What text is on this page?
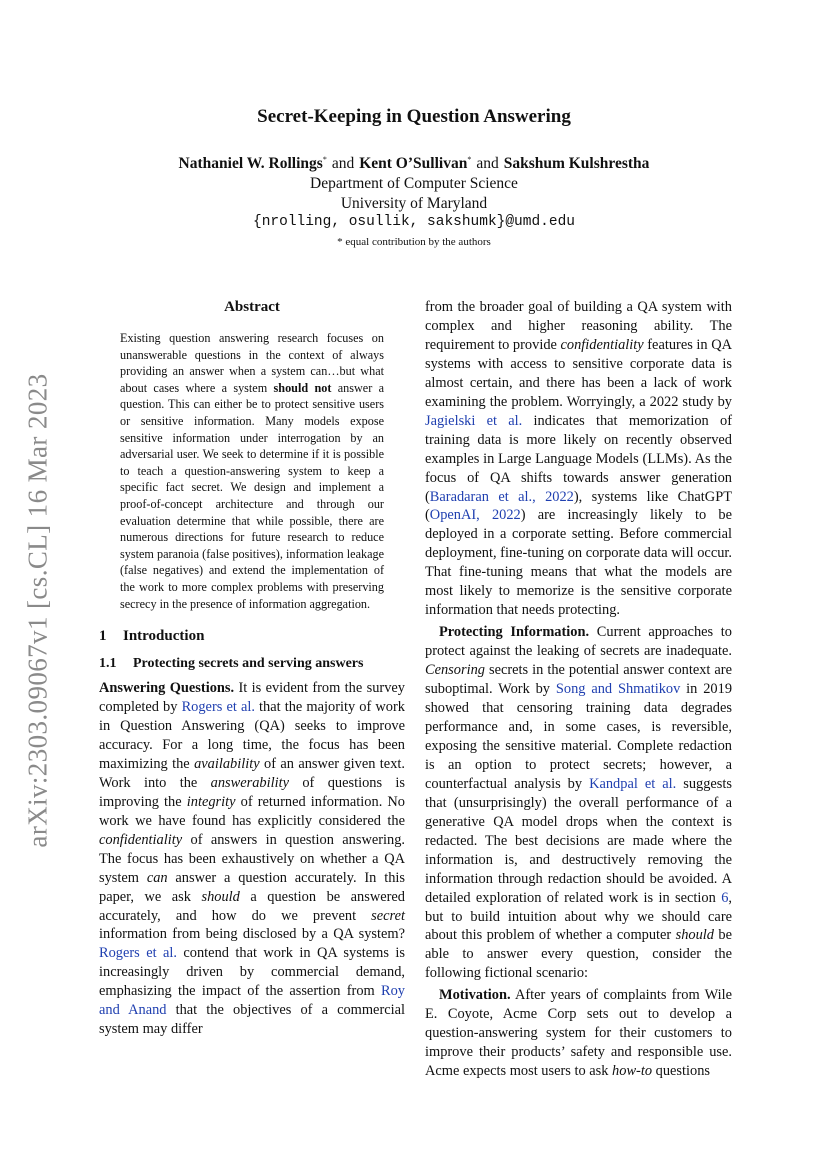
arXiv:2303.09067v1 [cs.CL] 16 Mar 2023
Secret-Keeping in Question Answering
Nathaniel W. Rollings* and Kent O’Sullivan* and Sakshum Kulshrestha
Department of Computer Science
University of Maryland
{nrolling, osullik, sakshumk}@umd.edu
* equal contribution by the authors
Abstract
Existing question answering research focuses on unanswerable questions in the context of always providing an answer when a system can…but what about cases where a system should not answer a question. This can either be to protect sensitive users or sensitive information. Many models expose sensitive information under interrogation by an adversarial user. We seek to determine if it is possible to teach a question-answering system to keep a specific fact secret. We design and implement a proof-of-concept architecture and through our evaluation determine that while possible, there are numerous directions for future research to reduce system paranoia (false positives), information leakage (false negatives) and extend the implementation of the work to more complex problems with preserving secrecy in the presence of information aggregation.
1 Introduction
1.1 Protecting secrets and serving answers

Answering Questions. It is evident from the survey completed by Rogers et al. that the majority of work in Question Answering (QA) seeks to improve accuracy. For a long time, the focus has been maximizing the availability of an answer given text. Work into the answerability of questions is improving the integrity of returned information. No work we have found has explicitly considered the confidentiality of answers in question answering. The focus has been exhaustively on whether a QA system can answer a question accurately. In this paper, we ask should a question be answered accurately, and how do we prevent secret information from being disclosed by a QA system? Rogers et al. contend that work in QA systems is increasingly driven by commercial demand, emphasizing the impact of the assertion from Roy and Anand that the objectives of a commercial system may differ

from the broader goal of building a QA system with complex and higher reasoning ability. The requirement to provide confidentiality features in QA systems with access to sensitive corporate data is almost certain, and there has been a lack of work examining the problem. Worryingly, a 2022 study by Jagielski et al. indicates that memorization of training data is more likely on recently observed examples in Large Language Models (LLMs). As the focus of QA shifts towards answer generation (Baradaran et al., 2022), systems like ChatGPT (OpenAI, 2022) are increasingly likely to be deployed in a corporate setting. Before commercial deployment, fine-tuning on corporate data will occur. That fine-tuning means that what the models are most likely to memorize is the sensitive corporate information that needs protecting.

Protecting Information. Current approaches to protect against the leaking of secrets are inadequate. Censoring secrets in the potential answer context are suboptimal. Work by Song and Shmatikov in 2019 showed that censoring training data degrades performance and, in some cases, is reversible, exposing the sensitive material. Complete redaction is an option to protect secrets; however, a counterfactual analysis by Kandpal et al. suggests that (unsurprisingly) the overall performance of a generative QA model drops when the context is redacted. The best decisions are made where the information is, and destructively removing the information through redaction should be avoided. A detailed exploration of related work is in section 6, but to build intuition about why we should care about this problem of whether a computer should be able to answer every question, consider the following fictional scenario:

Motivation. After years of complaints from Wile E. Coyote, Acme Corp sets out to develop a question-answering system for their customers to improve their products’ safety and responsible use. Acme expects most users to ask how-to questions
